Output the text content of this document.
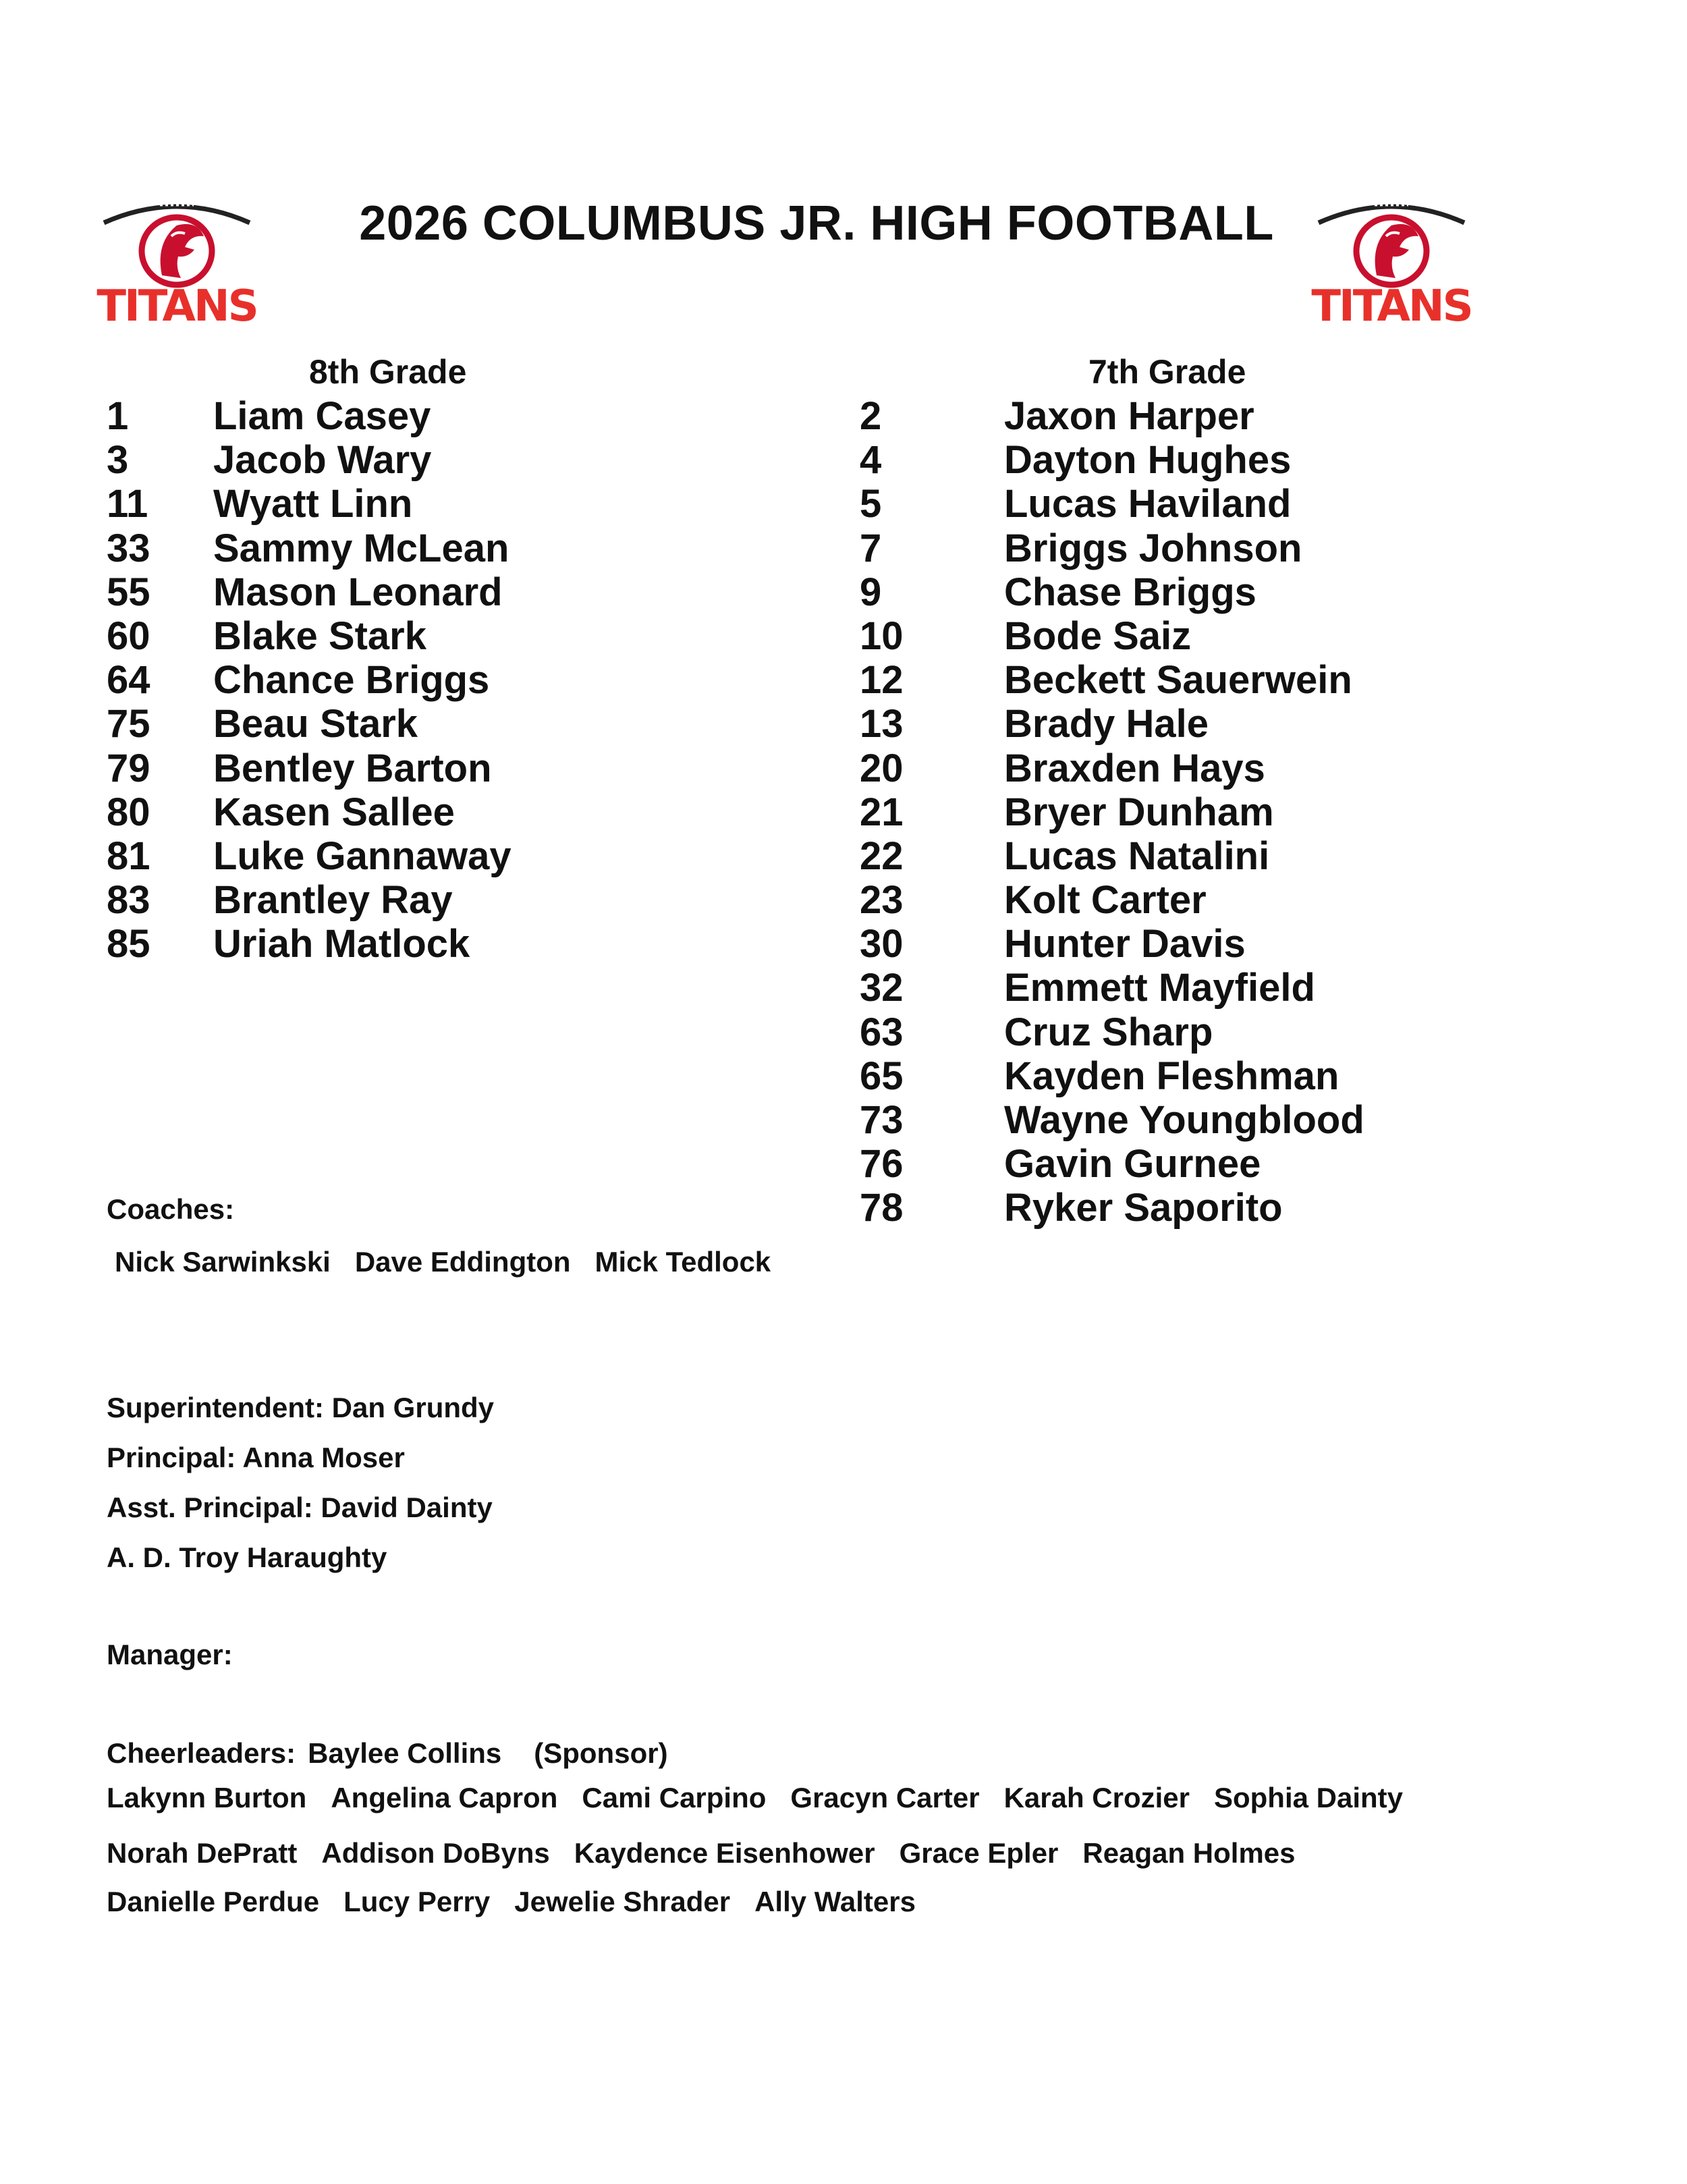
TITANS
2026 COLUMBUS JR. HIGH FOOTBALL
TITANS
8th Grade	7th Grade
1 Liam Casey
3 Jacob Wary
11 Wyatt Linn
33 Sammy McLean
55 Mason Leonard
60 Blake Stark
64 Chance Briggs
75 Beau Stark
79 Bentley Barton
80 Kasen Sallee
81 Luke Gannaway
83 Brantley Ray
85 Uriah Matlock
2	Jaxon Harper
4	Dayton Hughes
5	Lucas Haviland
7	Briggs Johnson
9	Chase Briggs
10	Bode Saiz
12	Beckett Sauerwein
13	Brady Hale
20	Braxden Hays
21	Bryer Dunham
22	Lucas Natalini
23	Kolt Carter
30	Hunter Davis
32	Emmett Mayfield
63	Cruz Sharp
65	Kayden Fleshman
73	Wayne Youngblood
76	Gavin Gurnee
78	Ryker Saporito
Coaches:
Nick Sarwinkski Dave Eddington Mick Tedlock
Superintendent: Dan Grundy
Principal: Anna Moser
Asst. Principal: David Dainty
A. D. Troy Haraughty
Manager:
Cheerleaders: Baylee Collins (Sponsor)
Lakynn Burton Angelina Capron Cami Carpino Gracyn Carter Karah Crozier Sophia Dainty
Norah DePratt Addison DoByns Kaydence Eisenhower Grace Epler Reagan Holmes
Danielle Perdue Lucy Perry Jewelie Shrader Ally Walters
